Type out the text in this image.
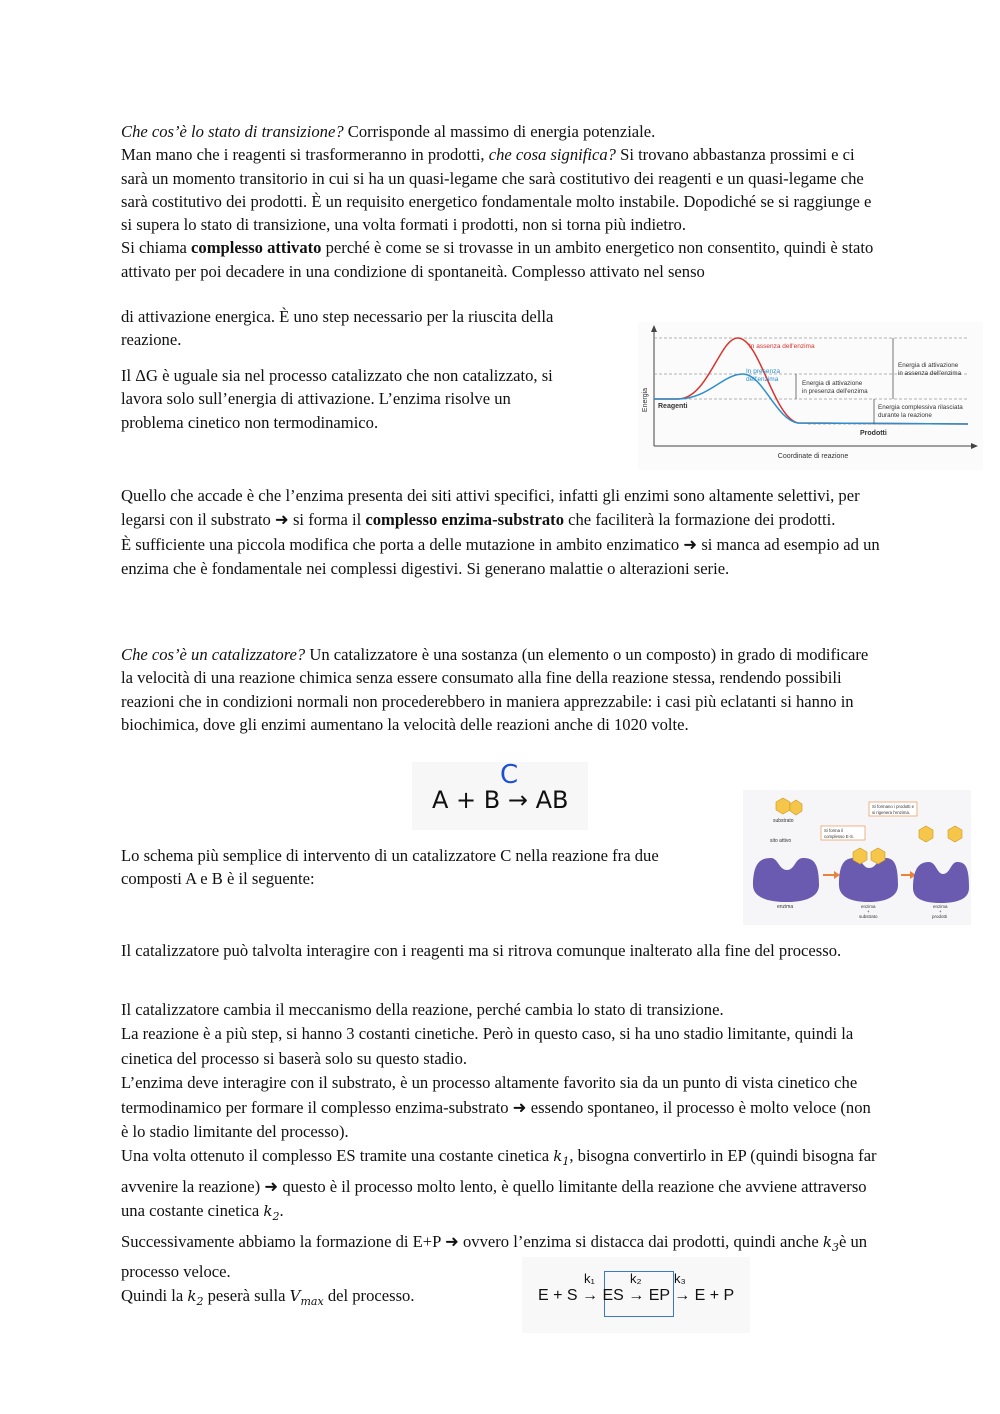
Che cos’è lo stato di transizione? Corrisponde al massimo di energia potenziale.

Man mano che i reagenti si trasformeranno in prodotti, che cosa significa? Si trovano abbastanza prossimi e ci sarà un momento transitorio in cui si ha un quasi-legame che sarà costitutivo dei reagenti e un quasi-legame che sarà costitutivo dei prodotti. È un requisito energetico fondamentale molto instabile. Dopodiché se si raggiunge e si supera lo stato di transizione, una volta formati i prodotti, non si torna più indietro.

Si chiama complesso attivato perché è come se si trovasse in un ambito energetico non consentito, quindi è stato attivato per poi decadere in una condizione di spontaneità. Complesso attivato nel senso

di attivazione energica. È uno step necessario per la riuscita della

reazione.

Il ΔG è uguale sia nel processo catalizzato che non catalizzato, si

lavora solo sull’energia di attivazione. L’enzima risolve un

problema cinetico non termodinamico.

Energia
Coordinate di reazione
In assenza dell'enzima
In presenza
dell'enzima
Reagenti
Prodotti
Energia di attivazione
in presenza dell'enzima
Energia di attivazione
in assenza dell'enzima
Energia complessiva rilasciata
durante la reazione

Quello che accade è che l’enzima presenta dei siti attivi specifici, infatti gli enzimi sono altamente selettivi, per legarsi con il substrato ➜ si forma il complesso enzima-substrato che faciliterà la formazione dei prodotti.

È sufficiente una piccola modifica che porta a delle mutazione in ambito enzimatico ➜ si manca ad esempio ad un enzima che è fondamentale nei complessi digestivi. Si generano malattie o alterazioni serie.

Che cos’è un catalizzatore? Un catalizzatore è una sostanza (un elemento o un composto) in grado di modificare la velocità di una reazione chimica senza essere consumato alla fine della reazione stessa, rendendo possibili reazioni che in condizioni normali non procederebbero in maniera apprezzabile: i casi più eclatanti si hanno in biochimica, dove gli enzimi aumentano la velocità delle reazioni anche di 1020 volte.

C
A + B → AB

Lo schema più semplice di intervento di un catalizzatore C nella reazione fra due

composti A e B è il seguente:

substrato
sito attivo
enzima
Si forma il
complesso E-S.
enzima
+
substrato
Si formano i prodotti e
si rigenera l'enzima.
enzima
+
prodotti

Il catalizzatore può talvolta interagire con i reagenti ma si ritrova comunque inalterato alla fine del processo.

Il catalizzatore cambia il meccanismo della reazione, perché cambia lo stato di transizione.

La reazione è a più step, si hanno 3 costanti cinetiche. Però in questo caso, si ha uno stadio limitante, quindi la cinetica del processo si baserà solo su questo stadio.

L’enzima deve interagire con il substrato, è un processo altamente favorito sia da un punto di vista cinetico che termodinamico per formare il complesso enzima-substrato ➜ essendo spontaneo, il processo è molto veloce (non è lo stadio limitante del processo).

Una volta ottenuto il complesso ES tramite una costante cinetica $k_1$, bisogna convertirlo in EP (quindi bisogna far avvenire la reazione) ➜ questo è il processo molto lento, è quello limitante della reazione che avviene attraverso una costante cinetica $k_2$.

Successivamente abbiamo la formazione di E+P ➜ ovvero l’enzima si distacca dai prodotti, quindi anche $k_3è$ un processo veloce.

Quindi la $k_2$ peserà sulla $V_{max}$ del processo.

k₁	k₂ k₃
E + S → ES → EP → E + P
